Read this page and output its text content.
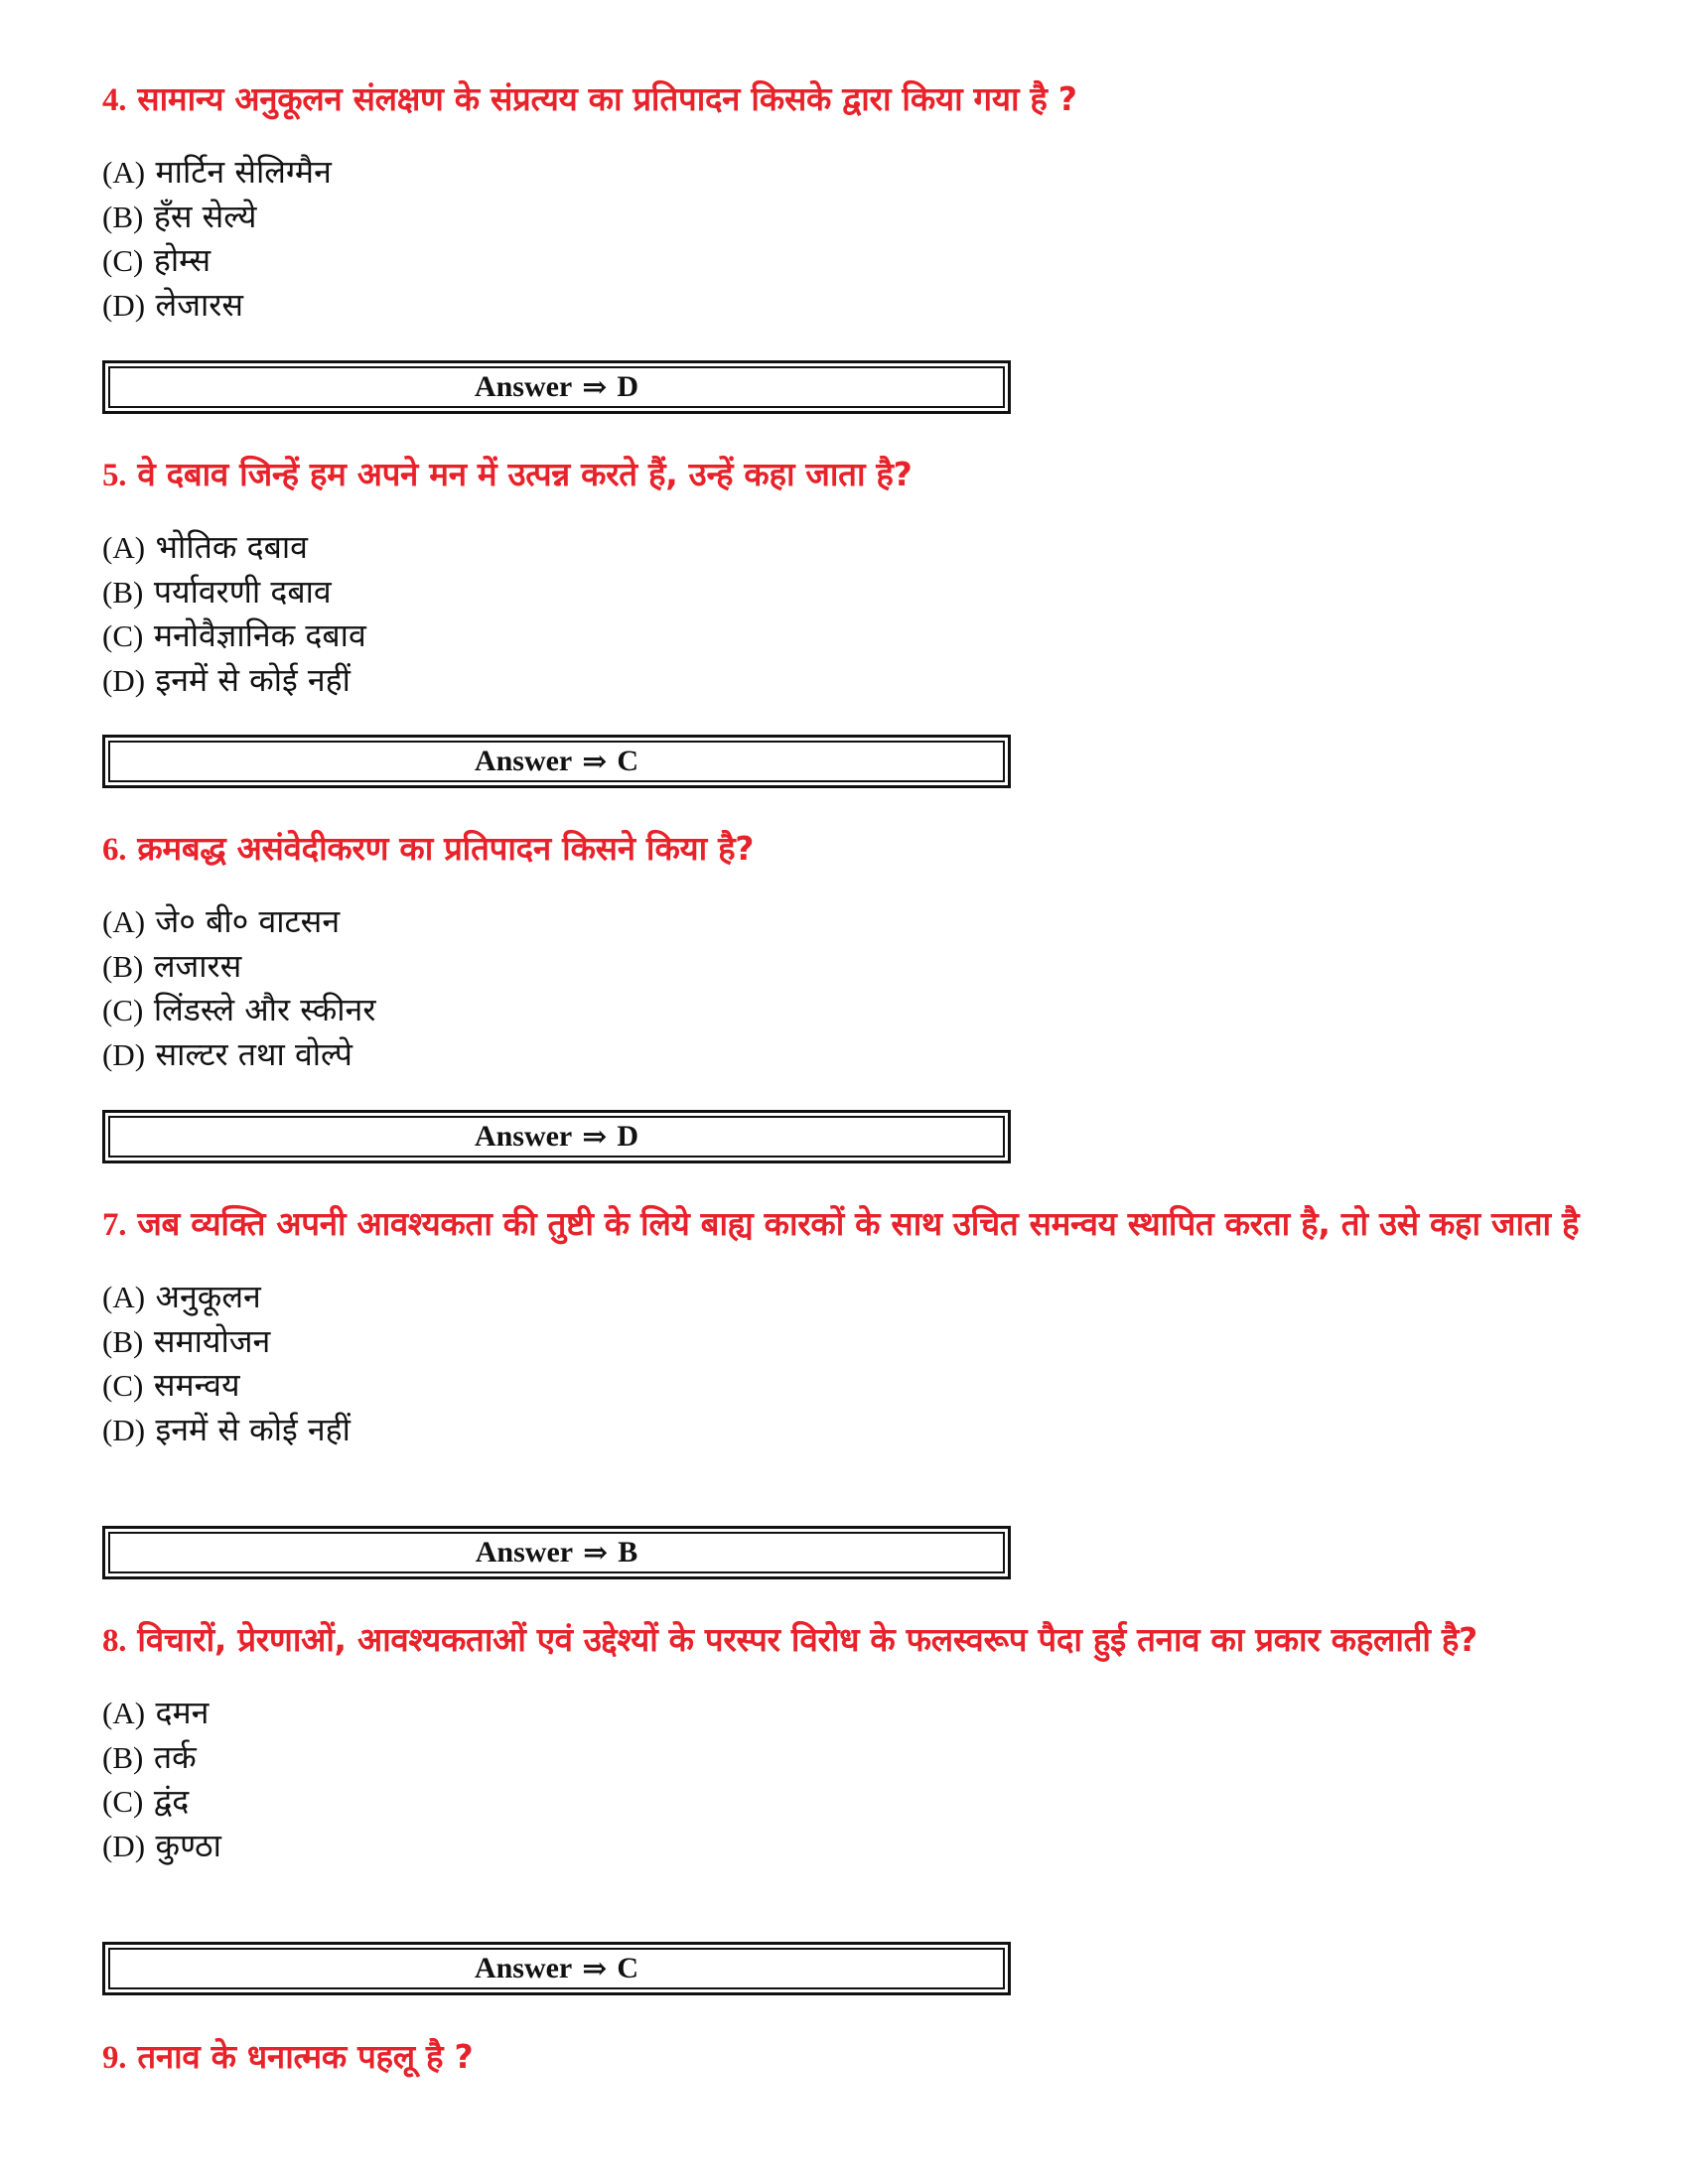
4. सामान्य अनुकूलन संलक्षण के संप्रत्यय का प्रतिपादन किसके द्वारा किया गया है ?

(A) मार्टिन सेलिग्मैन
(B) हँस सेल्ये
(C) होम्स
(D) लेजारस
Answer ⇒ D

5. वे दबाव जिन्हें हम अपने मन में उत्पन्न करते हैं, उन्हें कहा जाता है?

(A) भोतिक दबाव
(B) पर्यावरणी दबाव
(C) मनोवैज्ञानिक दबाव
(D) इनमें से कोई नहीं
Answer ⇒ C

6. क्रमबद्ध असंवेदीकरण का प्रतिपादन किसने किया है?

(A) जे० बी० वाटसन
(B) लजारस
(C) लिंडस्ले और स्कीनर
(D) साल्टर तथा वोल्पे
Answer ⇒ D

7. जब व्यक्ति अपनी आवश्यकता की तुष्टी के लिये बाह्य कारकों के साथ उचित समन्वय स्थापित करता है, तो उसे कहा जाता है

(A) अनुकूलन
(B) समायोजन
(C) समन्वय
(D) इनमें से कोई नहीं
Answer ⇒ B

8. विचारों, प्रेरणाओं, आवश्यकताओं एवं उद्देश्यों के परस्पर विरोध के फलस्वरूप पैदा हुई तनाव का प्रकार कहलाती है?

(A) दमन
(B) तर्क
(C) द्वंद
(D) कुण्ठा
Answer ⇒ C

9. तनाव के धनात्मक पहलू है ?
